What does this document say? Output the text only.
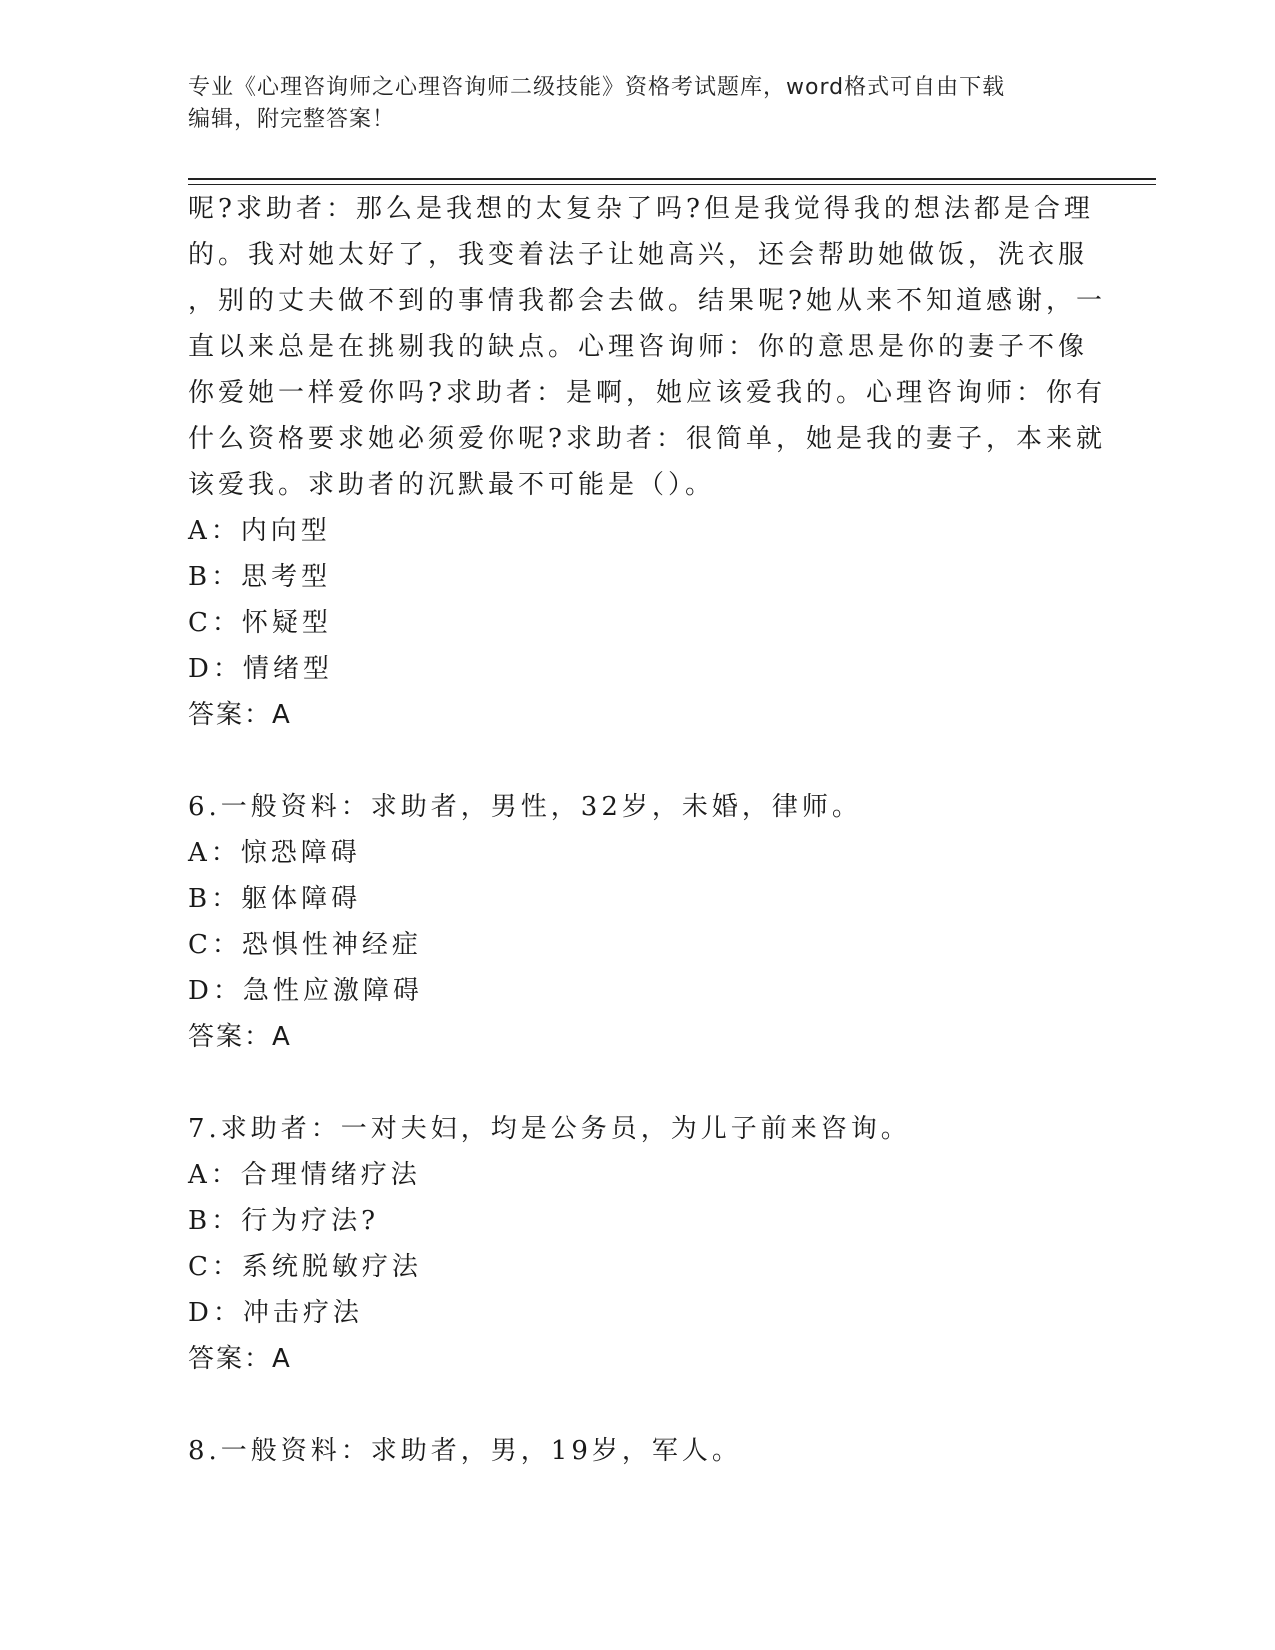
专业《心理咨询师之心理咨询师二级技能》资格考试题库，word格式可自由下载
编辑，附完整答案！
呢?求助者：那么是我想的太复杂了吗?但是我觉得我的想法都是合理
的。我对她太好了，我变着法子让她高兴，还会帮助她做饭，洗衣服
，别的丈夫做不到的事情我都会去做。结果呢?她从来不知道感谢，一
直以来总是在挑剔我的缺点。心理咨询师：你的意思是你的妻子不像
你爱她一样爱你吗?求助者：是啊，她应该爱我的。心理咨询师：你有
什么资格要求她必须爱你呢?求助者：很简单，她是我的妻子，本来就
该爱我。求助者的沉默最不可能是（）。
A：内向型
B：思考型
C：怀疑型
D：情绪型
答案：A
6.一般资料：求助者，男性，32岁，未婚，律师。
A：惊恐障碍
B：躯体障碍
C：恐惧性神经症
D：急性应激障碍
答案：A
7.求助者：一对夫妇，均是公务员，为儿子前来咨询。
A：合理情绪疗法
B：行为疗法?
C：系统脱敏疗法
D：冲击疗法
答案：A
8.一般资料：求助者，男，19岁，军人。
